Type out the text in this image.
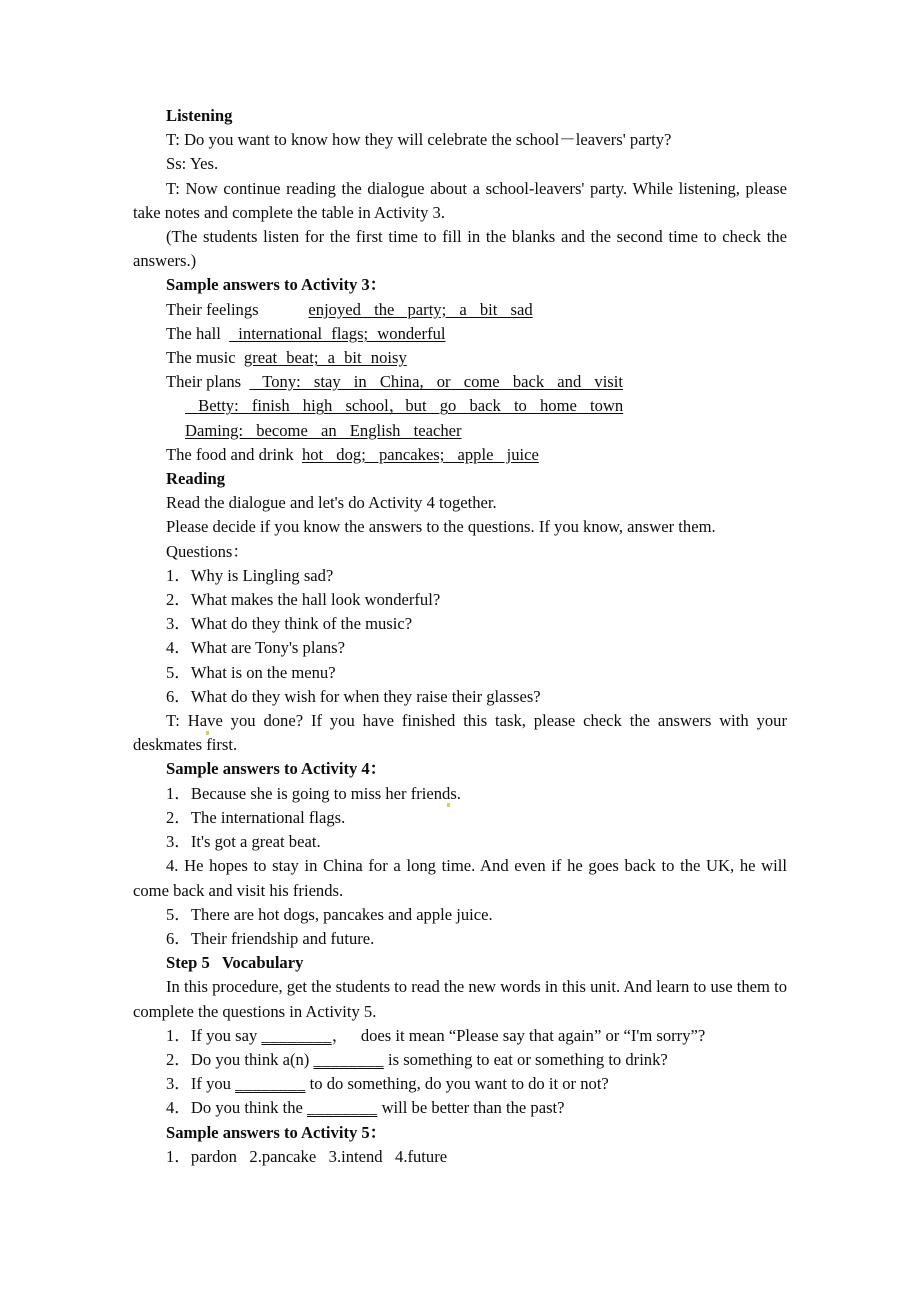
Listening

T: Do you want to know how they will celebrate the school－leavers' party?

Ss: Yes.

T: Now continue reading the dialogue about a school-leavers' party. While listening, please take notes and complete the table in Activity 3.

(The students listen for the first time to fill in the blanks and the second time to check the answers.)

Sample answers to Activity 3：

Their feelings	enjoyed the party; a bit sad

The hall   international flags; wonderful

The music great beat; a bit noisy

Their plans   Tony: stay in China, or come back and visit

Betty: finish high school，but go back to home town

Daming: become an English teacher

The food and drink hot dog; pancakes; apple juice

Reading

Read the dialogue and let's do Activity 4 together.

Please decide if you know the answers to the questions. If you know, answer them.

Questions：

1．Why is Lingling sad?

2．What makes the hall look wonderful?

3．What do they think of the music?

4．What are Tony's plans?

5．What is on the menu?

6．What do they wish for when they raise their glasses?

T: Have you done? If you have finished this task, please check the answers with your deskmates first.

Sample answers to Activity 4：

1．Because she is going to miss her friends.

2．The international flags.

3．It's got a great beat.

4. He hopes to stay in China for a long time. And even if he goes back to the UK, he will come back and visit his friends.

5．There are hot dogs, pancakes and apple juice.

6．Their friendship and future.

Step 5   Vocabulary

In this procedure, get the students to read the new words in this unit. And learn to use them to complete the questions in Activity 5.

1．If you say ________，   does it mean “Please say that again” or “I'm sorry”?

2．Do you think a(n) ________ is something to eat or something to drink?

3．If you ________ to do something, do you want to do it or not?

4．Do you think the ________ will be better than the past?

Sample answers to Activity 5：

1．pardon   2.pancake   3.intend   4.future
